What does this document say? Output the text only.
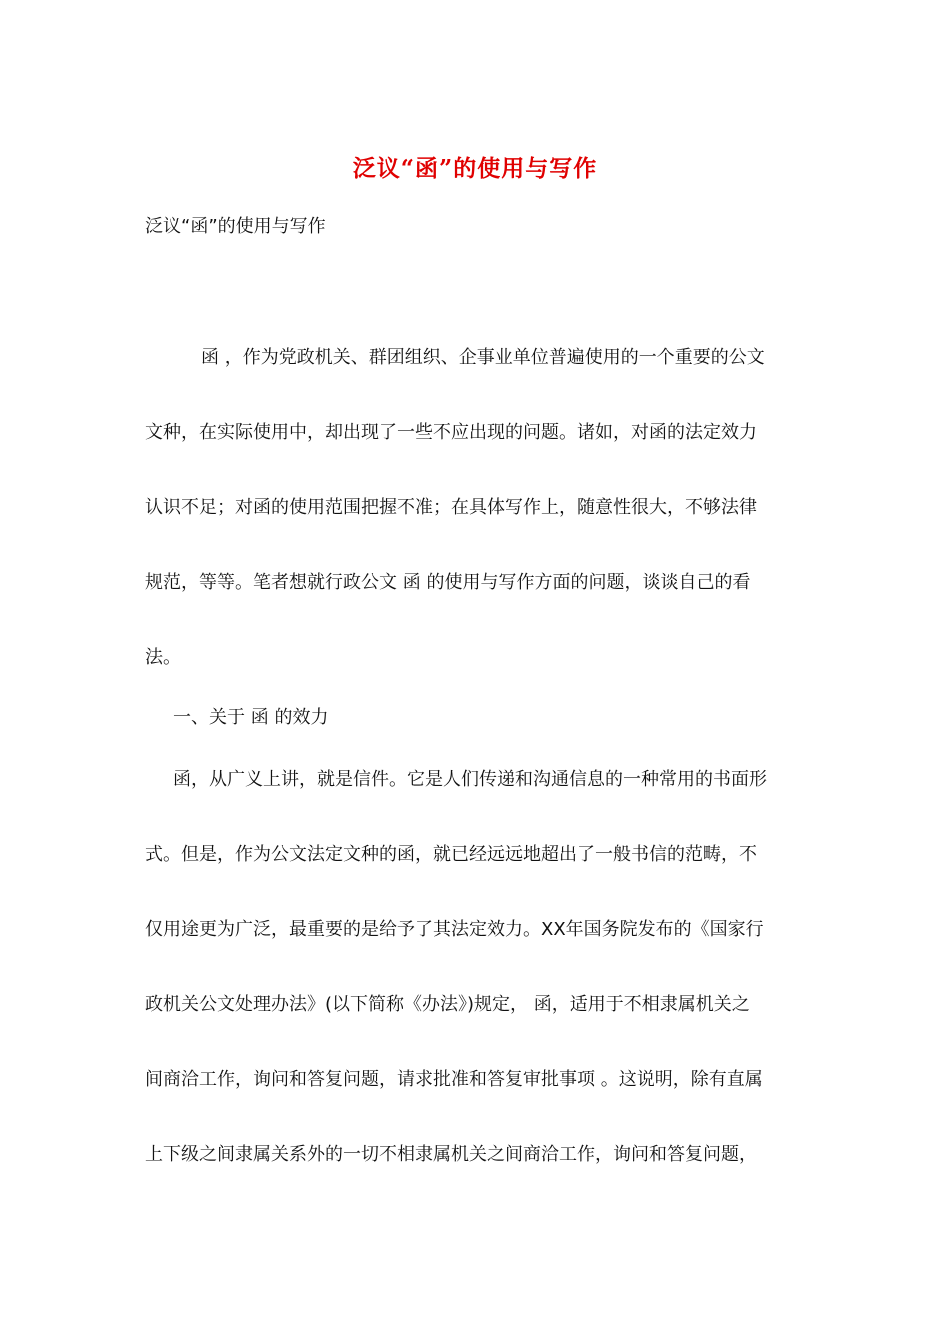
泛议“函”的使用与写作
泛议“函”的使用与写作
函 ，作为党政机关、群团组织、企事业单位普遍使用的一个重要的公文
文种，在实际使用中，却出现了一些不应出现的问题。诸如，对函的法定效力
认识不足；对函的使用范围把握不准；在具体写作上，随意性很大，不够法律
规范，等等。笔者想就行政公文 函 的使用与写作方面的问题，谈谈自己的看
法。
一、关于 函 的效力
函，从广义上讲，就是信件。它是人们传递和沟通信息的一种常用的书面形
式。但是，作为公文法定文种的函，就已经远远地超出了一般书信的范畴，不
仅用途更为广泛，最重要的是给予了其法定效力。XX年国务院发布的《国家行
政机关公文处理办法》(以下简称《办法》)规定， 函，适用于不相隶属机关之
间商洽工作，询问和答复问题，请求批准和答复审批事项 。这说明，除有直属
上下级之间隶属关系外的一切不相隶属机关之间商洽工作，询问和答复问题，
